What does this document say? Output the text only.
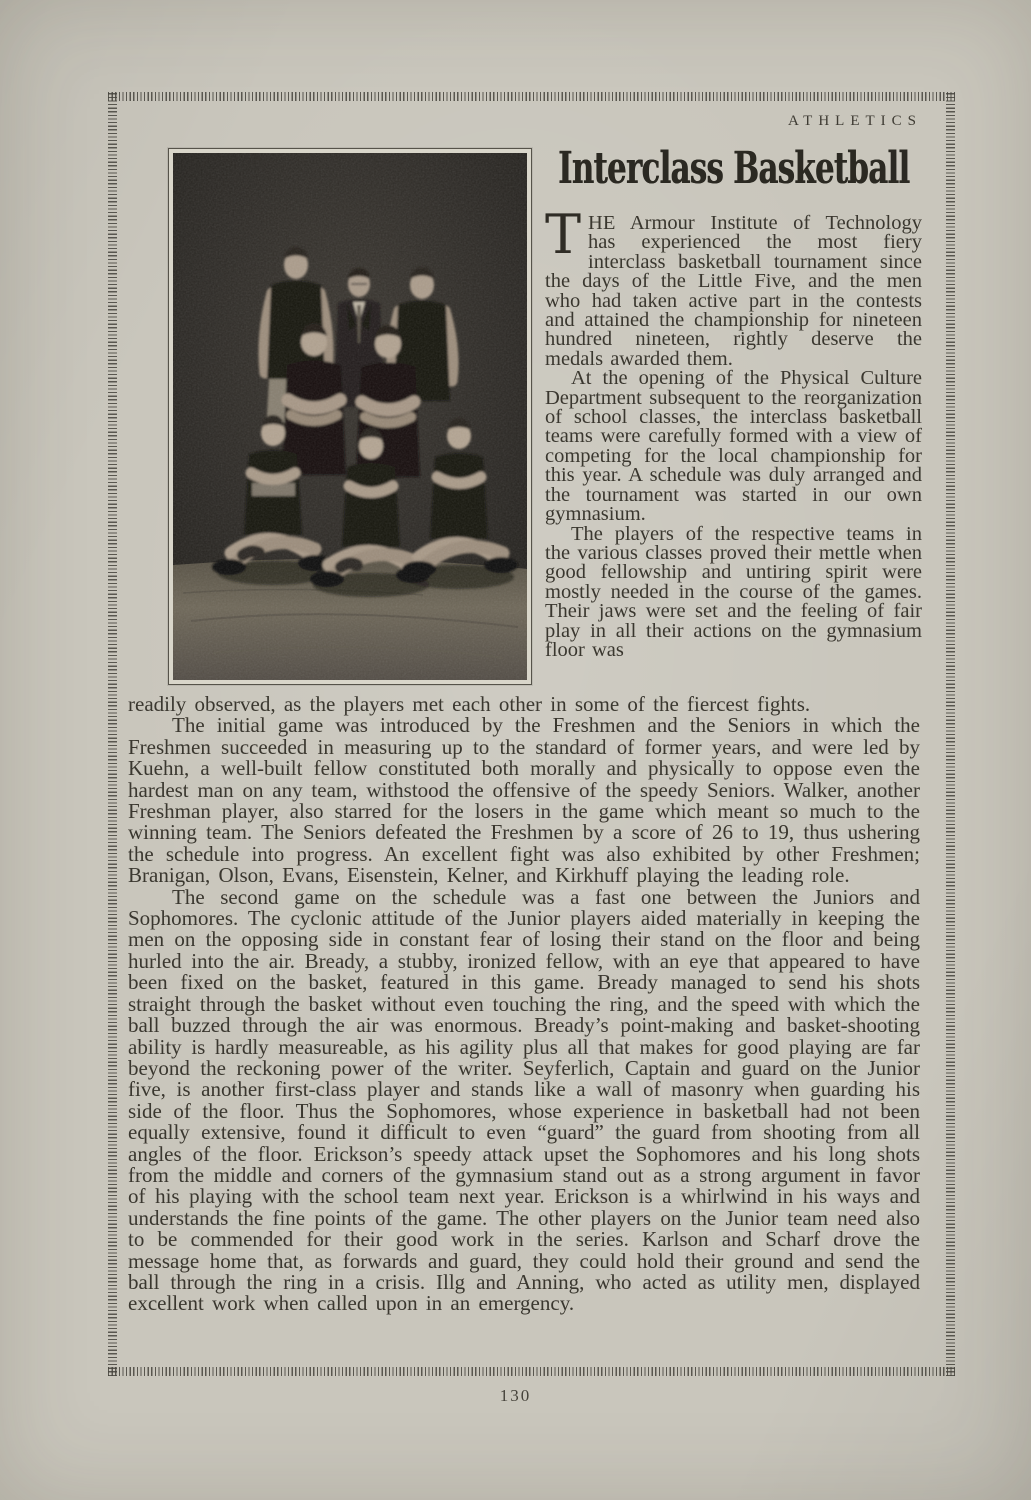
ATHLETICS
Interclass Basketball

THE Armour Institute of Technology has experienced the most fiery interclass basketball tournament since the days of the Little Five, and the men who had taken active part in the contests and attained the championship for nineteen hundred nineteen, rightly deserve the medals awarded them.

At the opening of the Physical Culture Department subsequent to the reorganization of school classes, the interclass basketball teams were carefully formed with a view of competing for the local championship for this year. A schedule was duly arranged and the tournament was started in our own gymnasium.

The players of the respective teams in the various classes proved their mettle when good fellowship and untiring spirit were mostly needed in the course of the games. Their jaws were set and the feeling of fair play in all their actions on the gymnasium floor was

readily observed, as the players met each other in some of the fiercest fights.

The initial game was introduced by the Freshmen and the Seniors in which the Freshmen succeeded in measuring up to the standard of former years, and were led by Kuehn, a well-built fellow constituted both morally and physically to oppose even the hardest man on any team, withstood the offensive of the speedy Seniors. Walker, another Freshman player, also starred for the losers in the game which meant so much to the winning team. The Seniors defeated the Freshmen by a score of 26 to 19, thus ushering the schedule into progress. An excellent fight was also exhibited by other Freshmen; Branigan, Olson, Evans, Eisenstein, Kelner, and Kirkhuff playing the leading role.

The second game on the schedule was a fast one between the Juniors and Sophomores. The cyclonic attitude of the Junior players aided materially in keeping the men on the opposing side in constant fear of losing their stand on the floor and being hurled into the air. Bready, a stubby, ironized fellow, with an eye that appeared to have been fixed on the basket, featured in this game. Bready managed to send his shots straight through the basket without even touching the ring, and the speed with which the ball buzzed through the air was enormous. Bready’s point-making and basket-shooting ability is hardly measureable, as his agility plus all that makes for good playing are far beyond the reckoning power of the writer. Seyferlich, Captain and guard on the Junior five, is another first-class player and stands like a wall of masonry when guarding his side of the floor. Thus the Sophomores, whose experience in basketball had not been equally extensive, found it difficult to even “guard” the guard from shooting from all angles of the floor. Erickson’s speedy attack upset the Sophomores and his long shots from the middle and corners of the gymnasium stand out as a strong argument in favor of his playing with the school team next year. Erickson is a whirlwind in his ways and understands the fine points of the game. The other players on the Junior team need also to be commended for their good work in the series. Karlson and Scharf drove the message home that, as forwards and guard, they could hold their ground and send the ball through the ring in a crisis. Illg and Anning, who acted as utility men, displayed excellent work when called upon in an emergency.

130
